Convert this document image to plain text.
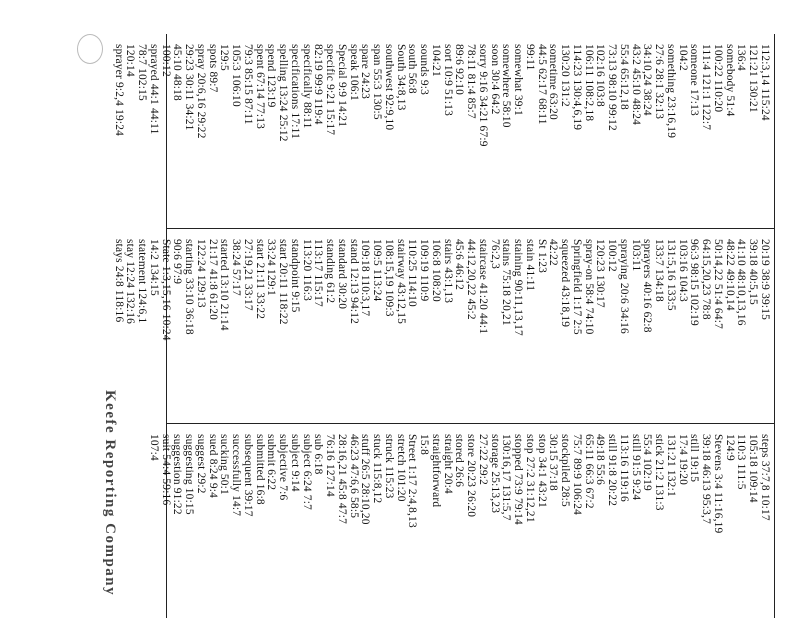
112:3,14 115:24
121:21 130:21
136:4
somebody 51:4
100:22 110:20
111:4 121:1 122:7
someone 17:13
104:2
something 23:16,19
27:6 28:1 32:13
34:10,24 38:24
43:2 45:10 48:24
55:4 65:12,18
73:13 98:10 99:12
102:16 103:8
106:11 108:2,18
114:23 130:4,6,19
130:20 131:2
sometime 63:20
44:5 62:17 68:11
99:11
somewhat 39:1
somewhere 58:10
soon 30:4 64:2
sorry 9:16 34:21 67:9
78:11 81:4 85:7
89:6 92:10
sort 10:9 51:13
104:21
sounds 9:3
south 56:8
South 34:8,13
southwest 92:9,10
span 55:3 130:5
spare 24:23
speak 106:1
Special 9:9 14:21
specific 9:21 15:17
82:19 99:9 119:4
specifically 88:11
specifications 17:11
spelling 13:24 25:12
spend 123:19
spent 67:14 77:13
79:3 85:15 87:11
105:3 106:10
129:5
spots 89:7
spray 20:6,16 29:22
29:23 30:11 34:21
45:10 48:18
100:12
sprayed 44:1 44:11
78:7 102:15
120:14
sprayer 9:2,4 19:24
20:19 38:9 39:15
39:18 40:5,15
41:10 48:10,13,16
48:22 49:10,14
50:14,22 51:4 64:7
64:15,20,23 78:8
96:3 98:15 102:19
103:16 104:3
131:5,16 133:5
133:7 134:18
sprayers 40:16 62:8
103:11
spraying 20:6 34:16
100:12
120:23 130:17
spray-on 58:4 74:10
Springfield 1:17 2:5
squeezed 43:18,19
42:22
St 1:23
stain 41:11
staining 90:11,13,17
stains 75:18 20,21
76:2,3
staircase 41:20 44:1
44:12,20,22 45:2
45:6 46:12
stairs 43:1,13
106:8 108:20
109:19 110:9
110:25 114:10
stairway 43:12,15
108:15,19 109:3
109:5 113:24
109:18 110:3,17
stand 12:13 94:12
standard 30:20
standing 61:2
113:17 115:17
113:20 116:3
standpoint 9:15
start 20:11 118:22
33:24 129:1
start 21:11 33:22
27:19,21 33:17
38:24 57:17
started 13:10 21:14
21:17 41:8 61:20
122:24 129:13
starting 33:10 36:18
90:6 97:9
State 1:3,15,16 10:24
14:2 134:15
statement 124:6,1
stay 12:24 132:16
stays 24:8 118:16
steps 37:7,8 10:17
105:18 109:14
110:3 111:5
124:9
Stevens 3:4 11:16,19
39:18 46:13 95:3,7
still 19:15
17:4 19:20
131:21 132:1
stick 21:2 131:3
55:4 102:19
still 91:5 9:24
113:16 119:16
still 91:8 20:22
49:18 55:6
65:11 66:3 67:2
75:7 89:9 106:24
stockpiled 28:5
30:15 37:18
stop 34:1 43:21
stop 27:2 31:12,21
stopped 73:9 79:14
130:16,17 131:5,7
storage 25:13,23
27:22 29:2
store 20:23 26:20
stored 26:6
straight 20:4
straightforward
15:8
Street 1:17 2:4,8,13
stretch 101:20
struck 115:23
stuck 115:8,12
stuff 26:5 28:10,20
46:23 47:6,6 58:5
28:16,21 45:8 47:7
76:16 127:14
sub 6:18
subject 6:24 7:7
subject 9:14
subjective 7:6
submit 6:22
submitted 16:8
subsequent 39:17
successfully 14:7
sucking 50:1
sued 8:24 9:4
suggest 29:2
suggesting 10:15
suggestion 91:22
suit 54:4 59:16
107:4
Keefe Reporting Company
